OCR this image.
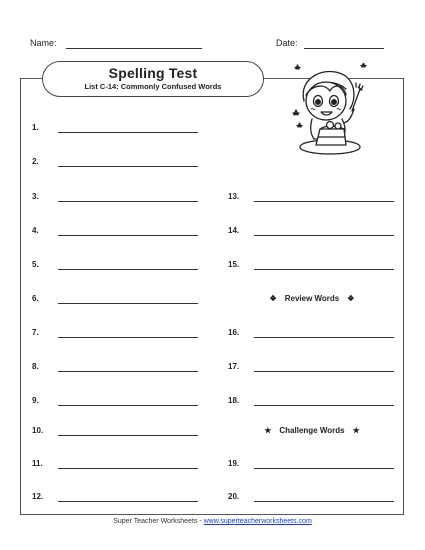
Name:	Date:
Spelling Test
List C-14: Commonly Confused Words
1.
2.
3.
4.
5.
6.
7.
8.
9.
10.
11.
12.
13.
14.
15.
❖ Review Words ❖
16.
17.
18.
★ Challenge Words ★
19.
20.
Super Teacher Worksheets - www.superteacherworksheets.com
